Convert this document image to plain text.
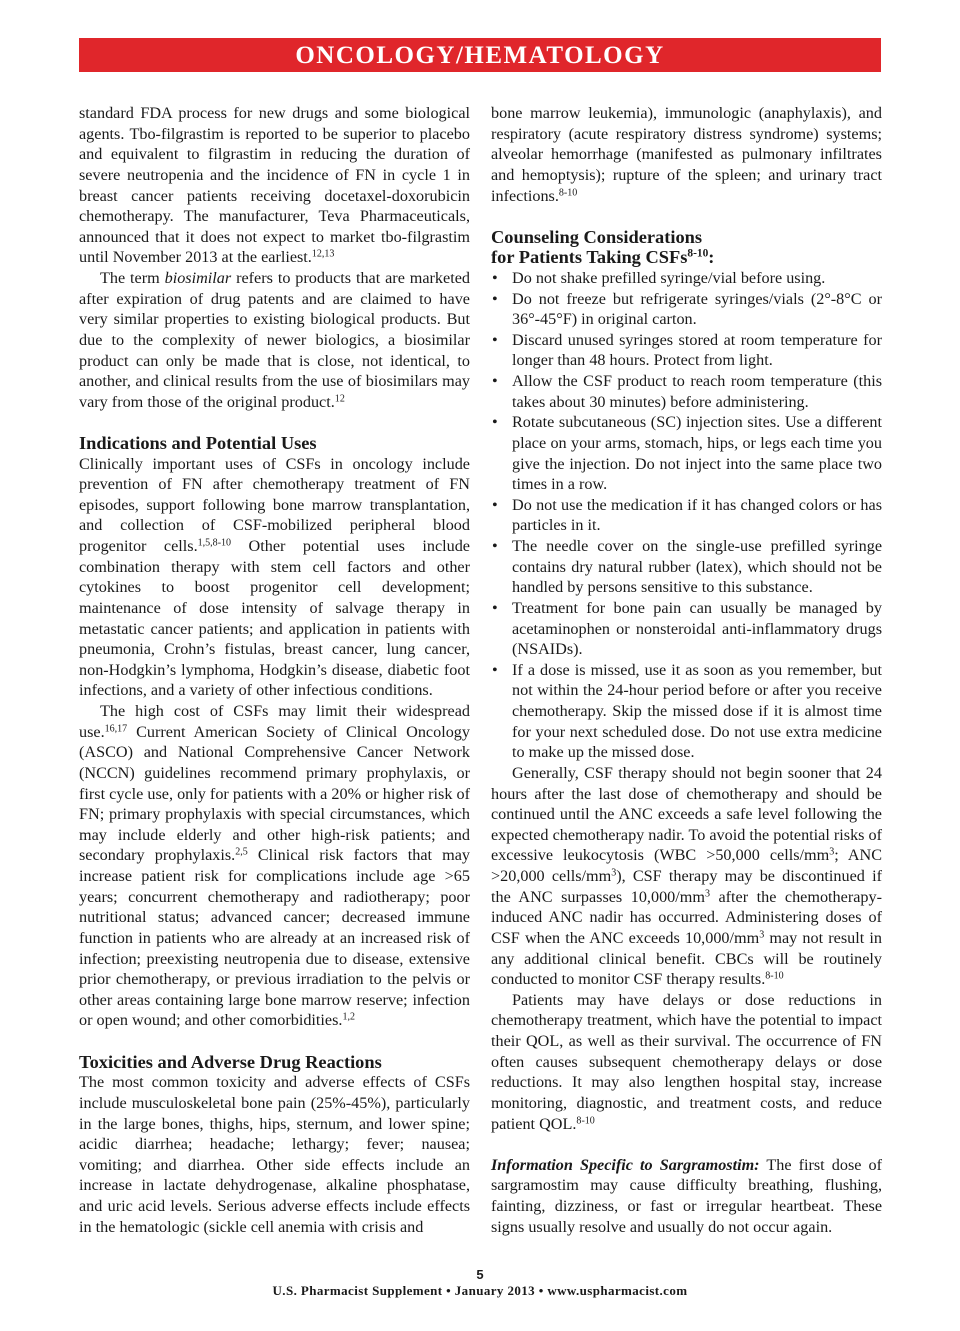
ONCOLOGY/HEMATOLOGY

standard FDA process for new drugs and some biological agents. Tbo-filgrastim is reported to be superior to placebo and equivalent to filgrastim in reducing the duration of severe neutropenia and the incidence of FN in cycle 1 in breast cancer patients receiving docetaxel-doxorubicin chemotherapy. The manufacturer, Teva Pharmaceuticals, announced that it does not expect to market tbo-filgrastim until November 2013 at the earliest.$^{12,13}$

The term biosimilar refers to products that are marketed after expiration of drug patents and are claimed to have very similar properties to existing biological products. But due to the complexity of newer biologics, a biosimilar product can only be made that is close, not identical, to another, and clinical results from the use of biosimilars may vary from those of the original product.$^{12}$

Indications and Potential Uses

Clinically important uses of CSFs in oncology include prevention of FN after chemotherapy treatment of FN episodes, support following bone marrow transplantation, and collection of CSF-mobilized peripheral blood progenitor cells.$^{1,5,8-10}$ Other potential uses include combination therapy with stem cell factors and other cytokines to boost progenitor cell development; maintenance of dose intensity of salvage therapy in metastatic cancer patients; and application in patients with pneumonia, Crohn’s fistulas, breast cancer, lung cancer, non-Hodgkin’s lymphoma, Hodgkin’s disease, diabetic foot infections, and a variety of other infectious conditions.

The high cost of CSFs may limit their widespread use.$^{16,17}$ Current American Society of Clinical Oncology (ASCO) and National Comprehensive Cancer Network (NCCN) guidelines recommend primary prophylaxis, or first cycle use, only for patients with a 20% or higher risk of FN; primary prophylaxis with special circumstances, which may include elderly and other high-risk patients; and secondary prophylaxis.$^{2,5}$ Clinical risk factors that may increase patient risk for complications include age >65 years; concurrent chemotherapy and radiotherapy; poor nutritional status; advanced cancer; decreased immune function in patients who are already at an increased risk of infection; preexisting neutropenia due to disease, extensive prior chemotherapy, or previous irradiation to the pelvis or other areas containing large bone marrow reserve; infection or open wound; and other comorbidities.$^{1,2}$

Toxicities and Adverse Drug Reactions

The most common toxicity and adverse effects of CSFs include musculoskeletal bone pain (25%-45%), particularly in the large bones, thighs, hips, sternum, and lower spine; acidic diarrhea; headache; lethargy; fever; nausea; vomiting; and diarrhea. Other side effects include an increase in lactate dehydrogenase, alkaline phosphatase, and uric acid levels. Serious adverse effects include effects in the hematologic (sickle cell anemia with crisis and

bone marrow leukemia), immunologic (anaphylaxis), and respiratory (acute respiratory distress syndrome) systems; alveolar hemorrhage (manifested as pulmonary infiltrates and hemoptysis); rupture of the spleen; and urinary tract infections.$^{8-10}$

Counseling Considerations
for Patients Taking CSFs$^{8-10}$:
• Do not shake prefilled syringe/vial before using.
• Do not freeze but refrigerate syringes/vials (2°-8°C or 36°-45°F) in original carton.
• Discard unused syringes stored at room temperature for longer than 48 hours. Protect from light.
• Allow the CSF product to reach room temperature (this takes about 30 minutes) before administering.
• Rotate subcutaneous (SC) injection sites. Use a different place on your arms, stomach, hips, or legs each time you give the injection. Do not inject into the same place two times in a row.
• Do not use the medication if it has changed colors or has particles in it.
• The needle cover on the single-use prefilled syringe contains dry natural rubber (latex), which should not be handled by persons sensitive to this substance.
• Treatment for bone pain can usually be managed by acetaminophen or nonsteroidal anti-inflammatory drugs (NSAIDs).
• If a dose is missed, use it as soon as you remember, but not within the 24-hour period before or after you receive chemotherapy. Skip the missed dose if it is almost time for your next scheduled dose. Do not use extra medicine to make up the missed dose.

Generally, CSF therapy should not begin sooner that 24 hours after the last dose of chemotherapy and should be continued until the ANC exceeds a safe level following the expected chemotherapy nadir. To avoid the potential risks of excessive leukocytosis (WBC >50,000 cells/$mm^3$; ANC >20,000 cells/$mm^3$), CSF therapy may be discontinued if the ANC surpasses $10,000/mm^3$ after the chemotherapy-induced ANC nadir has occurred. Administering doses of CSF when the ANC exceeds $10,000/mm^3$ may not result in any additional clinical benefit. CBCs will be routinely conducted to monitor CSF therapy results.$^{8-10}$

Patients may have delays or dose reductions in chemotherapy treatment, which have the potential to impact their QOL, as well as their survival. The occurrence of FN often causes subsequent chemotherapy delays or dose reductions. It may also lengthen hospital stay, increase monitoring, diagnostic, and treatment costs, and reduce patient QOL.$^{8-10}$

Information Specific to Sargramostim: The first dose of sargramostim may cause difficulty breathing, flushing, fainting, dizziness, or fast or irregular heartbeat. These signs usually resolve and usually do not occur again.

5
U.S. Pharmacist Supplement • January 2013 • www.uspharmacist.com
